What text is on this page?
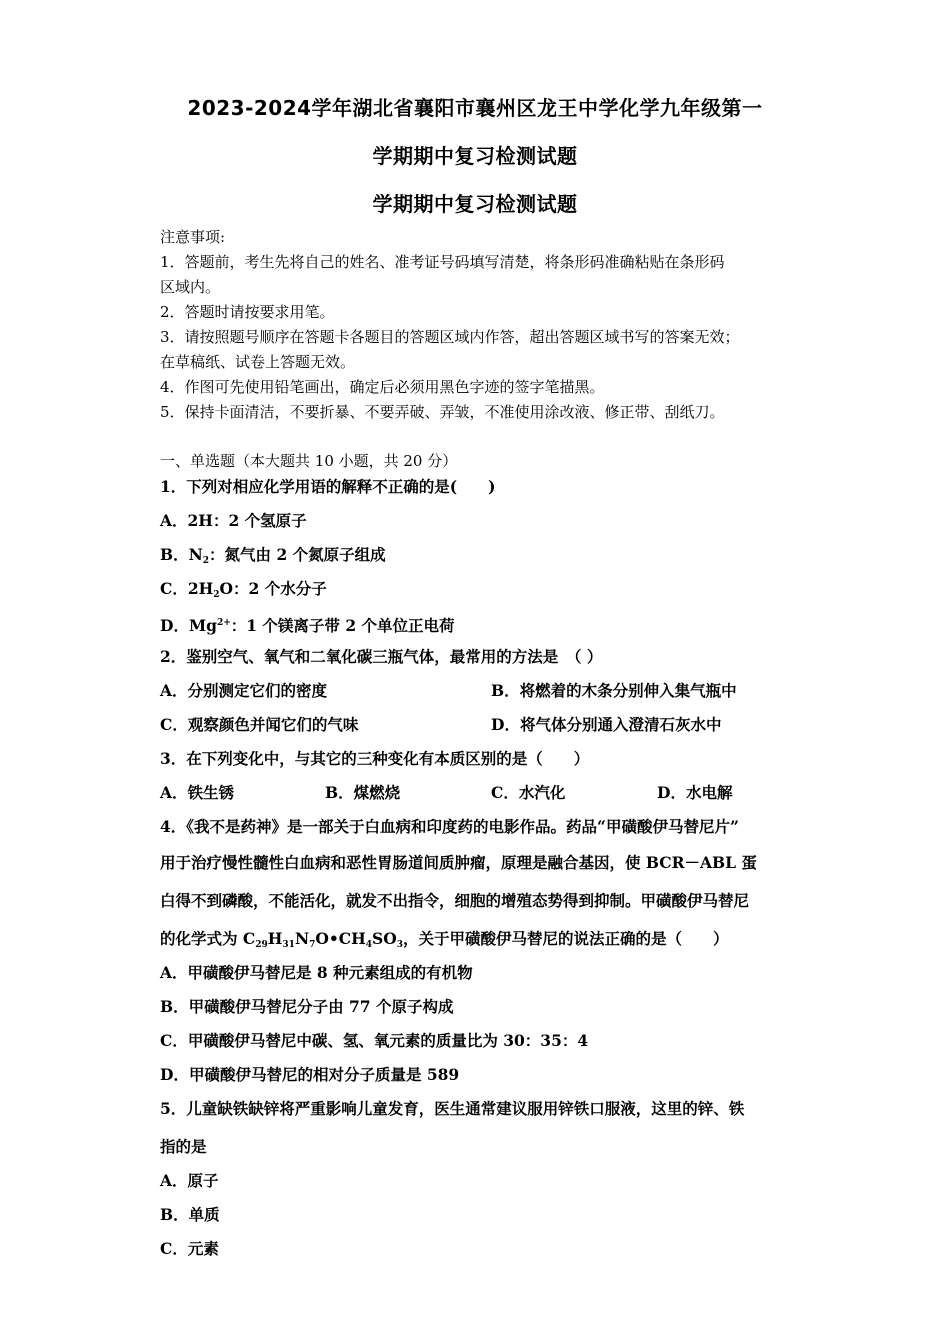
2023-2024学年湖北省襄阳市襄州区龙王中学化学九年级第一
学期期中复习检测试题
学期期中复习检测试题
注意事项:
1．答题前，考生先将自己的姓名、准考证号码填写清楚，将条形码准确粘贴在条形码
区域内。
2．答题时请按要求用笔。
3．请按照题号顺序在答题卡各题目的答题区域内作答，超出答题区域书写的答案无效；
在草稿纸、试卷上答题无效。
4．作图可先使用铅笔画出，确定后必须用黑色字迹的签字笔描黑。
5．保持卡面清洁，不要折暴、不要弄破、弄皱，不准使用涂改液、修正带、刮纸刀。
一、单选题（本大题共 10 小题，共 20 分）
1．下列对相应化学用语的解释不正确的是(　　)
A．2H：2 个氢原子
B．$N_2$：氮气由 2 个氮原子组成
C．$2H_2O$：2 个水分子
D．$Mg^{2+}$：1 个镁离子带 2 个单位正电荷
2．鉴别空气、氧气和二氧化碳三瓶气体，最常用的方法是　（ ）
A．分别测定它们的密度	B．将燃着的木条分别伸入集气瓶中
C．观察颜色并闻它们的气味	D．将气体分别通入澄清石灰水中
3．在下列变化中，与其它的三种变化有本质区别的是（　　）
A．铁生锈	B．煤燃烧	C．水汽化	D．水电解
4．《我不是药神》是一部关于白血病和印度药的电影作品。药品“甲磺酸伊马替尼片”
用于治疗慢性髓性白血病和恶性胃肠道间质肿瘤，原理是融合基因，使 BCR－ABL 蛋
白得不到磷酸，不能活化，就发不出指令，细胞的增殖态势得到抑制。甲磺酸伊马替尼
的化学式为 $C_{29}H_{31}N_7O•CH_4SO_3$，关于甲磺酸伊马替尼的说法正确的是（　　）
A．甲磺酸伊马替尼是 8 种元素组成的有机物
B．甲磺酸伊马替尼分子由 77 个原子构成
C．甲磺酸伊马替尼中碳、氢、氧元素的质量比为 30：35：4
D．甲磺酸伊马替尼的相对分子质量是 589
5．儿童缺铁缺锌将严重影响儿童发育，医生通常建议服用锌铁口服液，这里的锌、铁
指的是
A．原子
B．单质
C．元素
